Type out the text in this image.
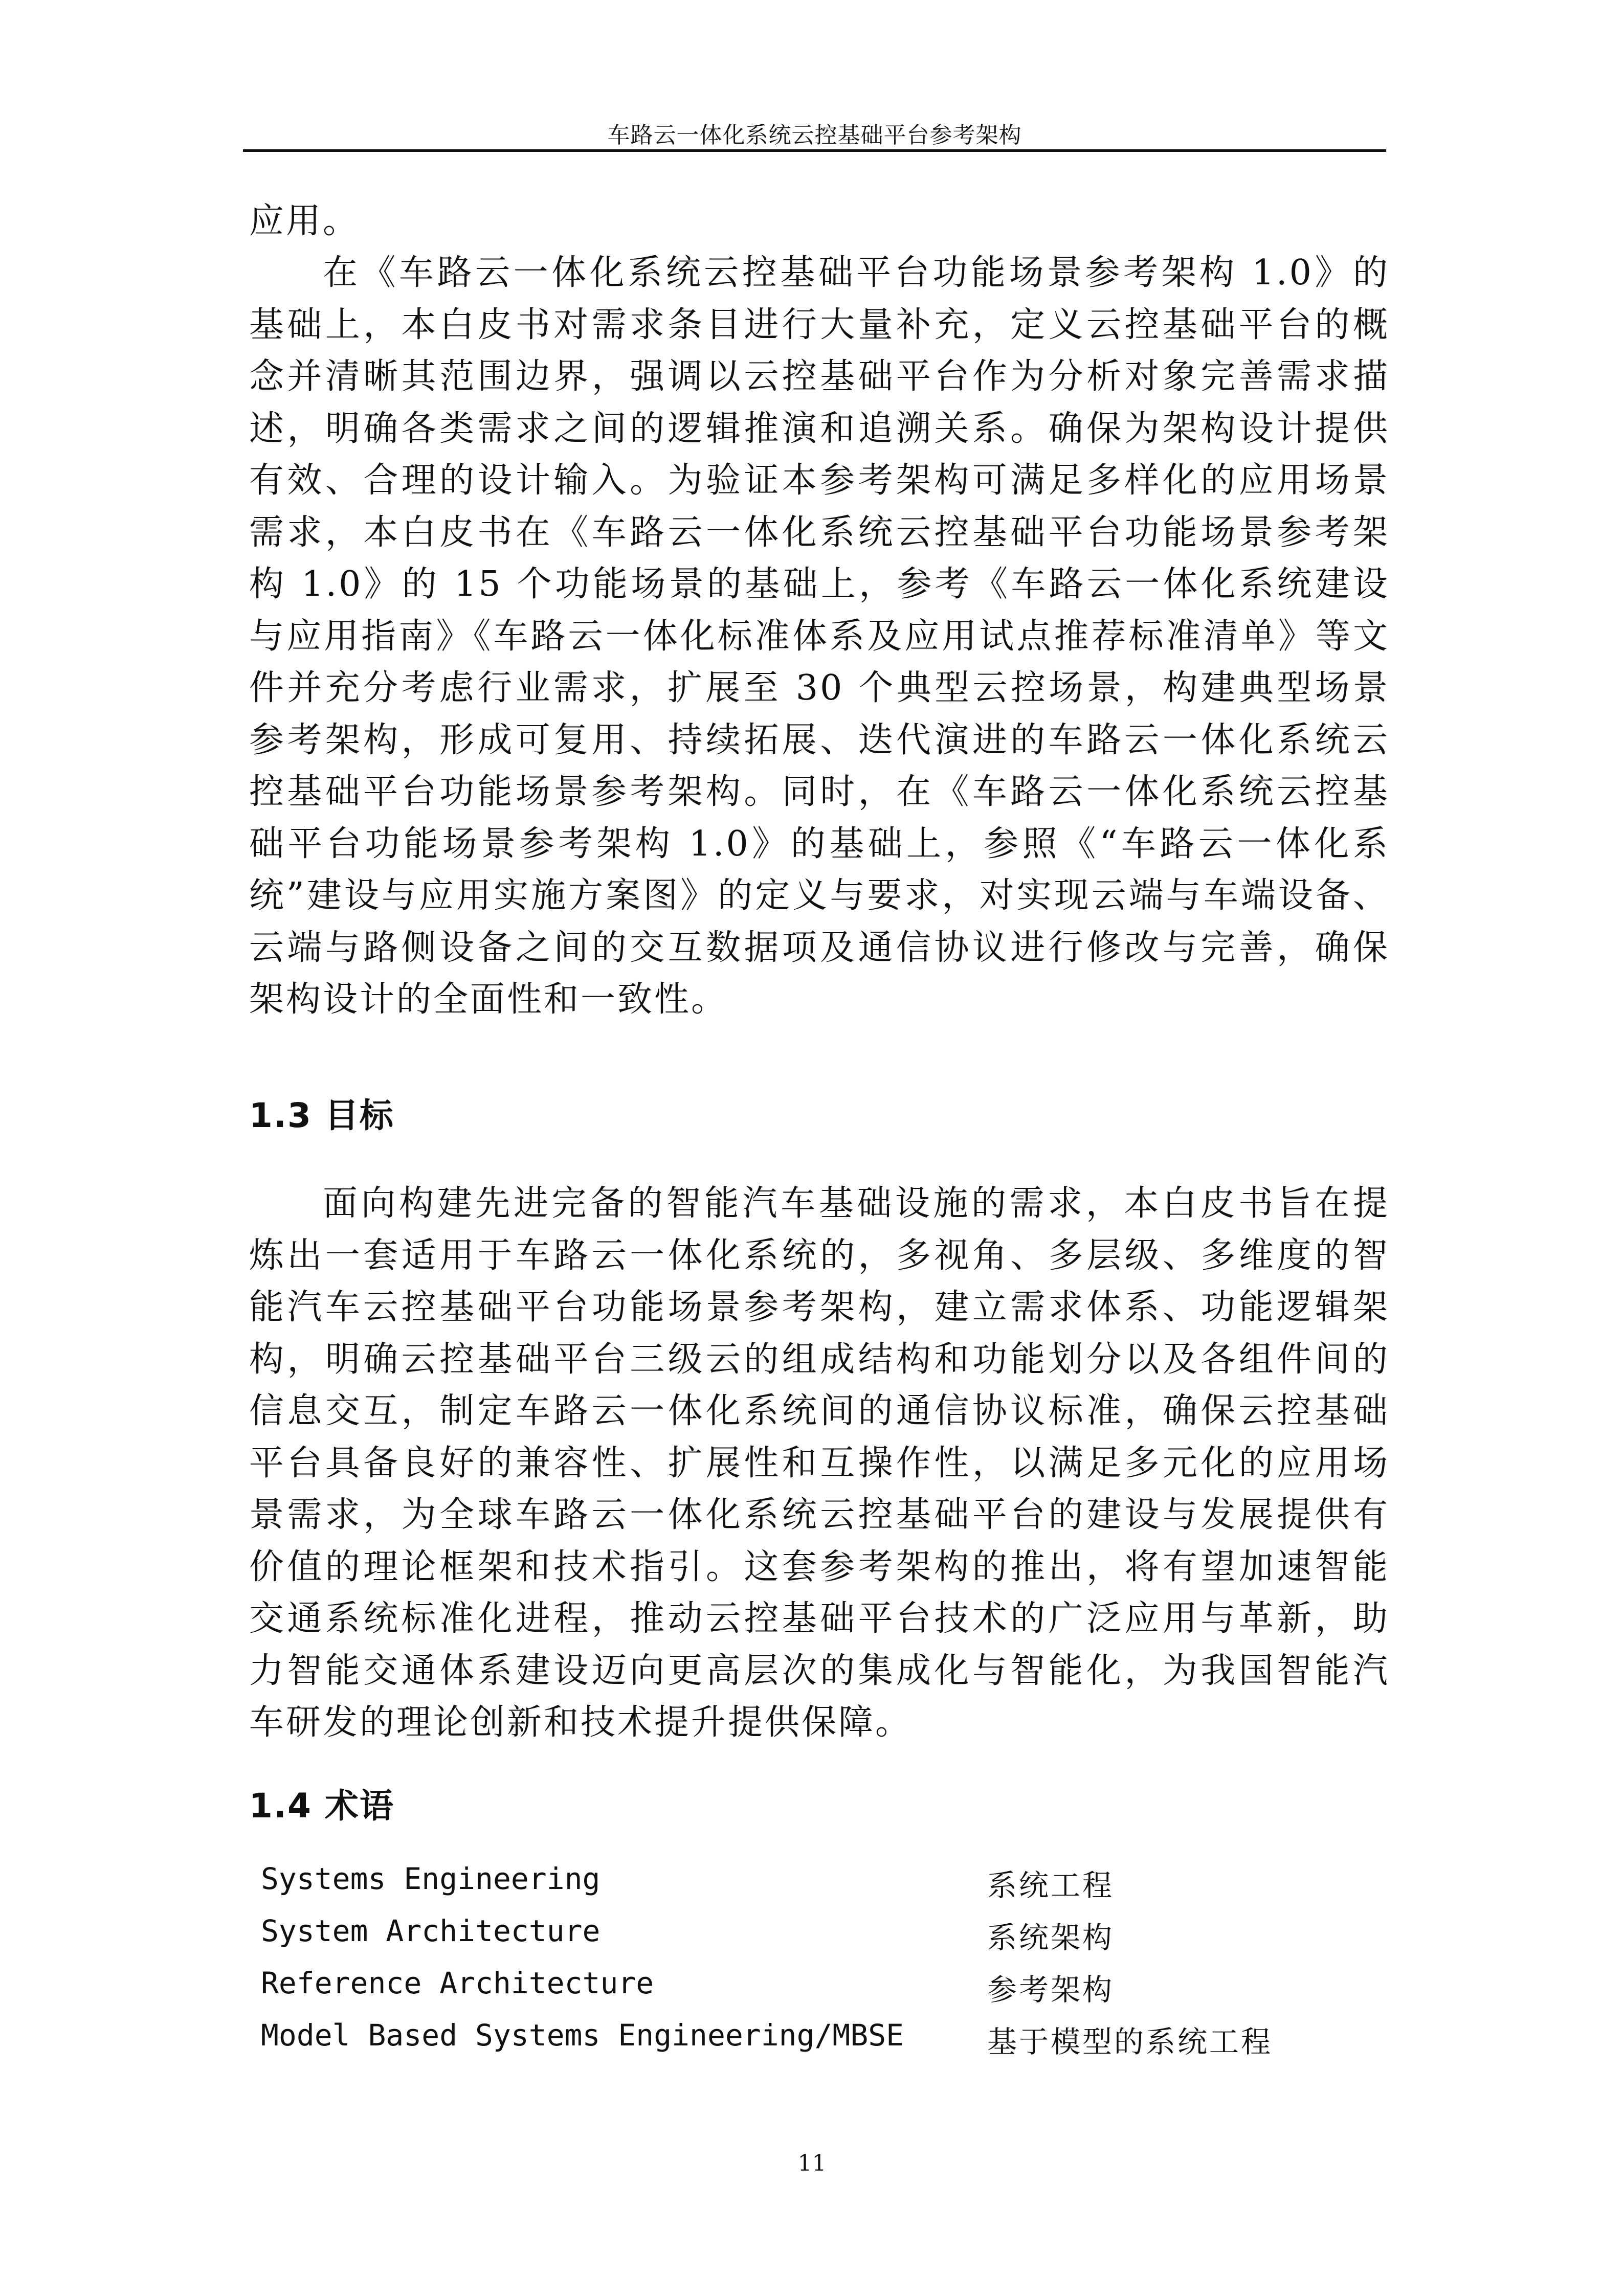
车路云一体化系统云控基础平台参考架构

应用。

在《车路云一体化系统云控基础平台功能场景参考架构 1.0》的基础上，本白皮书对需求条目进行大量补充，定义云控基础平台的概念并清晰其范围边界，强调以云控基础平台作为分析对象完善需求描述，明确各类需求之间的逻辑推演和追溯关系。确保为架构设计提供有效、合理的设计输入。为验证本参考架构可满足多样化的应用场景需求，本白皮书在《车路云一体化系统云控基础平台功能场景参考架构 1.0》的 15 个功能场景的基础上，参考《车路云一体化系统建设与应用指南》《车路云一体化标准体系及应用试点推荐标准清单》等文件并充分考虑行业需求，扩展至 30 个典型云控场景，构建典型场景参考架构，形成可复用、持续拓展、迭代演进的车路云一体化系统云控基础平台功能场景参考架构。同时，在《车路云一体化系统云控基础平台功能场景参考架构 1.0》的基础上，参照《“车路云一体化系统”建设与应用实施方案图》的定义与要求，对实现云端与车端设备、云端与路侧设备之间的交互数据项及通信协议进行修改与完善，确保架构设计的全面性和一致性。

1.3 目标

面向构建先进完备的智能汽车基础设施的需求，本白皮书旨在提炼出一套适用于车路云一体化系统的，多视角、多层级、多维度的智能汽车云控基础平台功能场景参考架构，建立需求体系、功能逻辑架构，明确云控基础平台三级云的组成结构和功能划分以及各组件间的信息交互，制定车路云一体化系统间的通信协议标准，确保云控基础平台具备良好的兼容性、扩展性和互操作性，以满足多元化的应用场景需求，为全球车路云一体化系统云控基础平台的建设与发展提供有价值的理论框架和技术指引。这套参考架构的推出，将有望加速智能交通系统标准化进程，推动云控基础平台技术的广泛应用与革新，助力智能交通体系建设迈向更高层次的集成化与智能化，为我国智能汽车研发的理论创新和技术提升提供保障。

1.4 术语
Systems Engineering	系统工程
System Architecture	系统架构
Reference Architecture	参考架构
Model Based Systems Engineering/MBSE	基于模型的系统工程
11
